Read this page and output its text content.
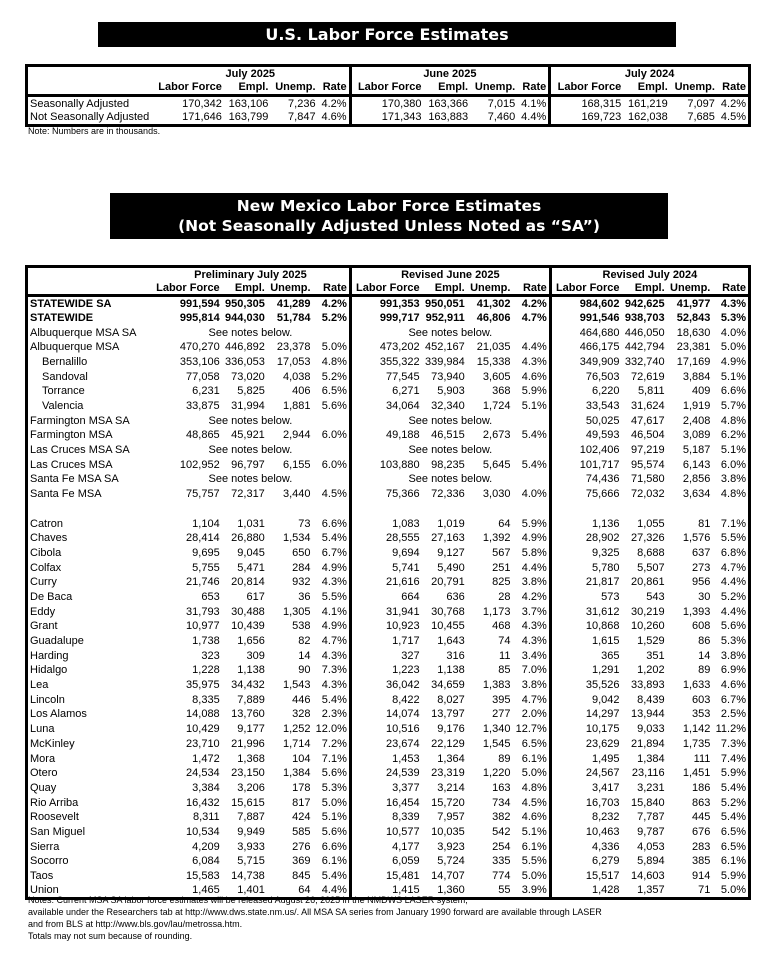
U.S. Labor Force Estimates
	July 2025				June 2025				July 2024			
	Labor Force	Empl.	Unemp.	Rate	Labor Force	Empl.	Unemp.	Rate	Labor Force	Empl.	Unemp.	Rate
Seasonally Adjusted	170,342	163,106	7,236	4.2%	170,380	163,366	7,015	4.1%	168,315	161,219	7,097	4.2%
Not Seasonally Adjusted	171,646	163,799	7,847	4.6%	171,343	163,883	7,460	4.4%	169,723	162,038	7,685	4.5%
Note: Numbers are in thousands.
New Mexico Labor Force Estimates
(Not Seasonally Adjusted Unless Noted as “SA”)
	Preliminary July 2025				Revised June 2025				Revised July 2024			
	Labor Force	Empl.	Unemp.	Rate	Labor Force	Empl.	Unemp.	Rate	Labor Force	Empl.	Unemp.	Rate
STATEWIDE SA	991,594	950,305	41,289	4.2%	991,353	950,051	41,302	4.2%	984,602	942,625	41,977	4.3%
STATEWIDE	995,814	944,030	51,784	5.2%	999,717	952,911	46,806	4.7%	991,546	938,703	52,843	5.3%
Albuquerque MSA SA	See notes below.				See notes below.				464,680	446,050	18,630	4.0%
Albuquerque MSA	470,270	446,892	23,378	5.0%	473,202	452,167	21,035	4.4%	466,175	442,794	23,381	5.0%
Bernalillo	353,106	336,053	17,053	4.8%	355,322	339,984	15,338	4.3%	349,909	332,740	17,169	4.9%
Sandoval	77,058	73,020	4,038	5.2%	77,545	73,940	3,605	4.6%	76,503	72,619	3,884	5.1%
Torrance	6,231	5,825	406	6.5%	6,271	5,903	368	5.9%	6,220	5,811	409	6.6%
Valencia	33,875	31,994	1,881	5.6%	34,064	32,340	1,724	5.1%	33,543	31,624	1,919	5.7%
Farmington MSA SA	See notes below.				See notes below.				50,025	47,617	2,408	4.8%
Farmington MSA	48,865	45,921	2,944	6.0%	49,188	46,515	2,673	5.4%	49,593	46,504	3,089	6.2%
Las Cruces MSA SA	See notes below.				See notes below.				102,406	97,219	5,187	5.1%
Las Cruces MSA	102,952	96,797	6,155	6.0%	103,880	98,235	5,645	5.4%	101,717	95,574	6,143	6.0%
Santa Fe MSA SA	See notes below.				See notes below.				74,436	71,580	2,856	3.8%
Santa Fe MSA	75,757	72,317	3,440	4.5%	75,366	72,336	3,030	4.0%	75,666	72,032	3,634	4.8%

Catron	1,104	1,031	73	6.6%	1,083	1,019	64	5.9%	1,136	1,055	81	7.1%
Chaves	28,414	26,880	1,534	5.4%	28,555	27,163	1,392	4.9%	28,902	27,326	1,576	5.5%
Cibola	9,695	9,045	650	6.7%	9,694	9,127	567	5.8%	9,325	8,688	637	6.8%
Colfax	5,755	5,471	284	4.9%	5,741	5,490	251	4.4%	5,780	5,507	273	4.7%
Curry	21,746	20,814	932	4.3%	21,616	20,791	825	3.8%	21,817	20,861	956	4.4%
De Baca	653	617	36	5.5%	664	636	28	4.2%	573	543	30	5.2%
Eddy	31,793	30,488	1,305	4.1%	31,941	30,768	1,173	3.7%	31,612	30,219	1,393	4.4%
Grant	10,977	10,439	538	4.9%	10,923	10,455	468	4.3%	10,868	10,260	608	5.6%
Guadalupe	1,738	1,656	82	4.7%	1,717	1,643	74	4.3%	1,615	1,529	86	5.3%
Harding	323	309	14	4.3%	327	316	11	3.4%	365	351	14	3.8%
Hidalgo	1,228	1,138	90	7.3%	1,223	1,138	85	7.0%	1,291	1,202	89	6.9%
Lea	35,975	34,432	1,543	4.3%	36,042	34,659	1,383	3.8%	35,526	33,893	1,633	4.6%
Lincoln	8,335	7,889	446	5.4%	8,422	8,027	395	4.7%	9,042	8,439	603	6.7%
Los Alamos	14,088	13,760	328	2.3%	14,074	13,797	277	2.0%	14,297	13,944	353	2.5%
Luna	10,429	9,177	1,252	12.0%	10,516	9,176	1,340	12.7%	10,175	9,033	1,142	11.2%
McKinley	23,710	21,996	1,714	7.2%	23,674	22,129	1,545	6.5%	23,629	21,894	1,735	7.3%
Mora	1,472	1,368	104	7.1%	1,453	1,364	89	6.1%	1,495	1,384	111	7.4%
Otero	24,534	23,150	1,384	5.6%	24,539	23,319	1,220	5.0%	24,567	23,116	1,451	5.9%
Quay	3,384	3,206	178	5.3%	3,377	3,214	163	4.8%	3,417	3,231	186	5.4%
Rio Arriba	16,432	15,615	817	5.0%	16,454	15,720	734	4.5%	16,703	15,840	863	5.2%
Roosevelt	8,311	7,887	424	5.1%	8,339	7,957	382	4.6%	8,232	7,787	445	5.4%
San Miguel	10,534	9,949	585	5.6%	10,577	10,035	542	5.1%	10,463	9,787	676	6.5%
Sierra	4,209	3,933	276	6.6%	4,177	3,923	254	6.1%	4,336	4,053	283	6.5%
Socorro	6,084	5,715	369	6.1%	6,059	5,724	335	5.5%	6,279	5,894	385	6.1%
Taos	15,583	14,738	845	5.4%	15,481	14,707	774	5.0%	15,517	14,603	914	5.9%
Union	1,465	1,401	64	4.4%	1,415	1,360	55	3.9%	1,428	1,357	71	5.0%
Notes: Current MSA SA labor force estimates will be released August 26, 2025 in the NMDWS LASER system,
available under the Researchers tab at http://www.dws.state.nm.us/. All MSA SA series from January 1990 forward are available through LASER
and from BLS at http://www.bls.gov/lau/metrossa.htm.
Totals may not sum because of rounding.
